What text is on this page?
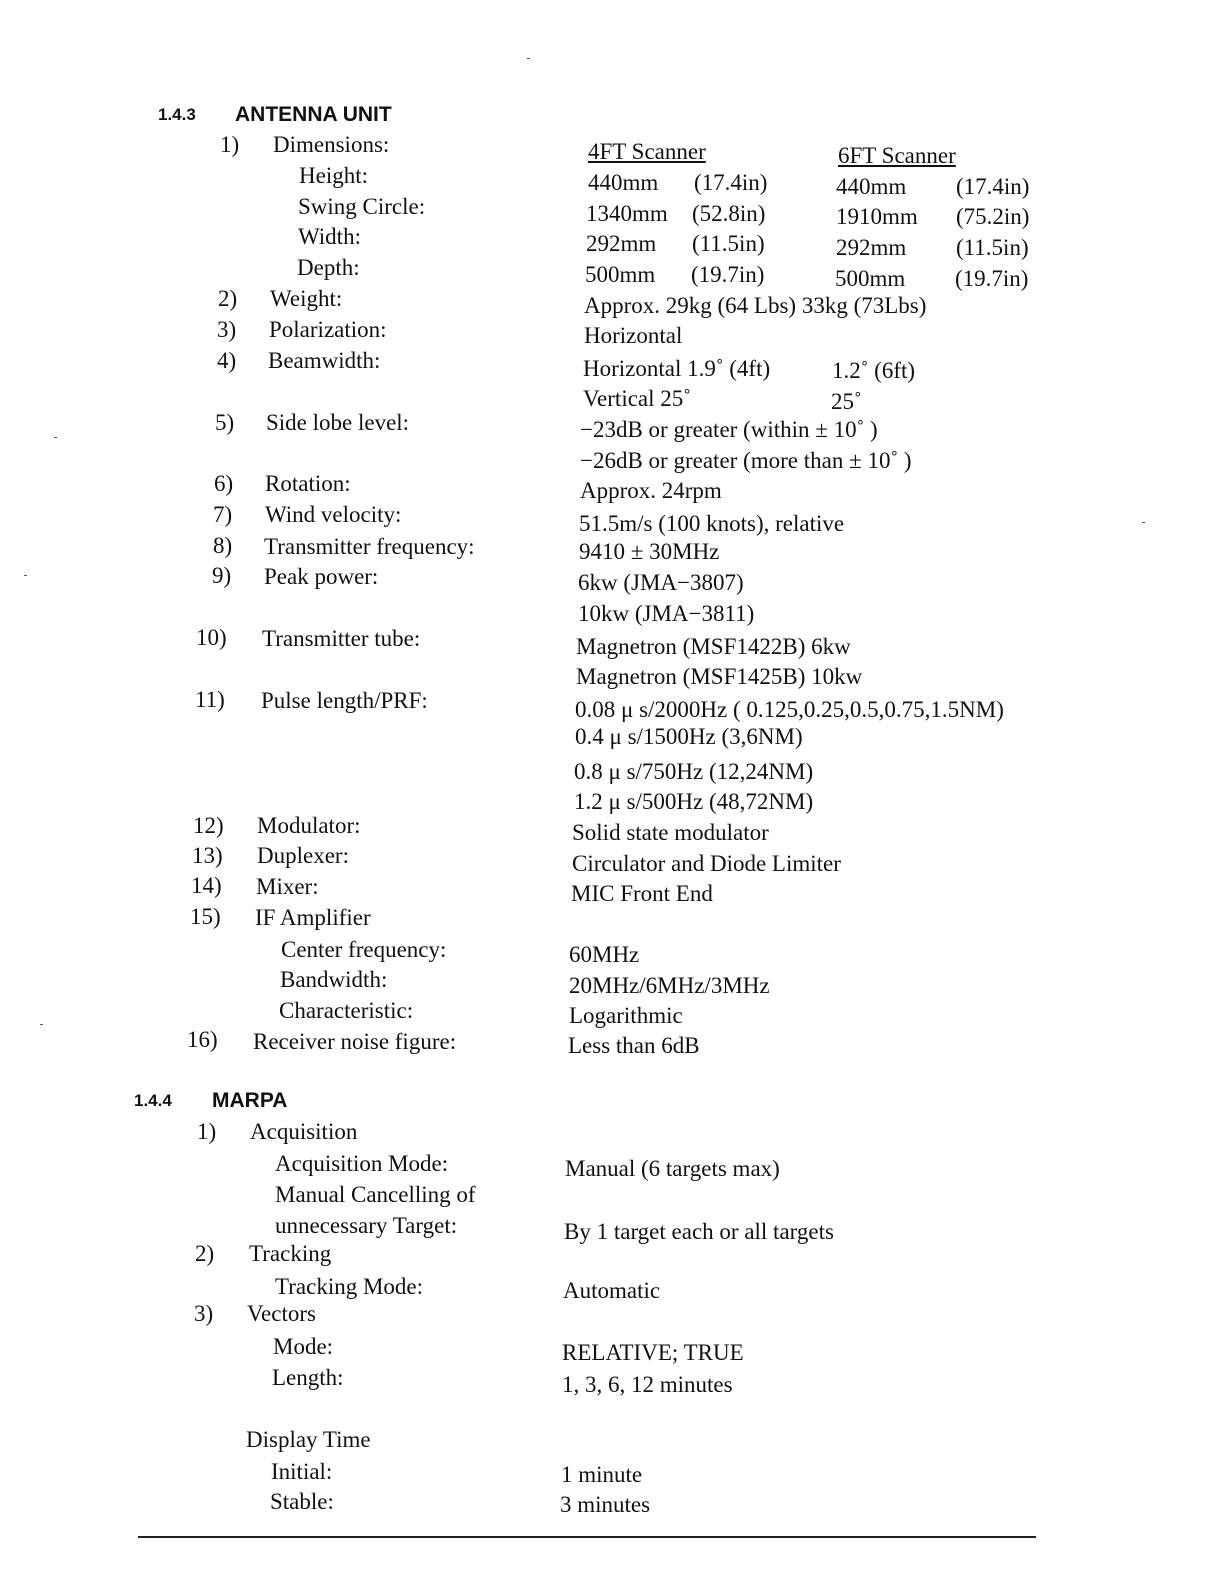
1.4.3 ANTENNA UNIT
1) Dimensions:	4FT Scanner	6FT Scanner
Height:	440mm (17.4in)	440mm (17.4in)
Swing Circle:	1340mm (52.8in)	1910mm (75.2in)
Width:	292mm (11.5in)	292mm (11.5in)
Depth:	500mm (19.7in)	500mm (19.7in)
2) Weight:	Approx. 29kg (64 Lbs) 33kg (73Lbs)
3) Polarization:	Horizontal
4) Beamwidth:	Horizontal 1.9˚ (4ft)	1.2˚ (6ft)
Vertical 25˚	25˚
5) Side lobe level:	−23dB or greater (within ± 10˚ )
−26dB or greater (more than ± 10˚ )
6) Rotation:	Approx. 24rpm
7) Wind velocity:	51.5m/s (100 knots), relative
8) Transmitter frequency:	9410 ± 30MHz
9) Peak power:	6kw (JMA−3807)
10kw (JMA−3811)
10) Transmitter tube:	Magnetron (MSF1422B) 6kw
Magnetron (MSF1425B) 10kw
11) Pulse length/PRF:	0.08 μ s/2000Hz ( 0.125,0.25,0.5,0.75,1.5NM)
0.4 μ s/1500Hz (3,6NM)
0.8 μ s/750Hz (12,24NM)
1.2 μ s/500Hz (48,72NM)
12) Modulator:	Solid state modulator
13) Duplexer:	Circulator and Diode Limiter
14) Mixer:	MIC Front End
15) IF Amplifier
Center frequency:	60MHz
Bandwidth:	20MHz/6MHz/3MHz
Characteristic:	Logarithmic
16) Receiver noise figure:	Less than 6dB
1.4.4 MARPA
1) Acquisition
Acquisition Mode:	Manual (6 targets max)
Manual Cancelling of
unnecessary Target:	By 1 target each or all targets
2) Tracking
Tracking Mode:	Automatic
3) Vectors
Mode:	RELATIVE; TRUE
Length:	1, 3, 6, 12 minutes
Display Time
Initial:	1 minute
Stable:	3 minutes
